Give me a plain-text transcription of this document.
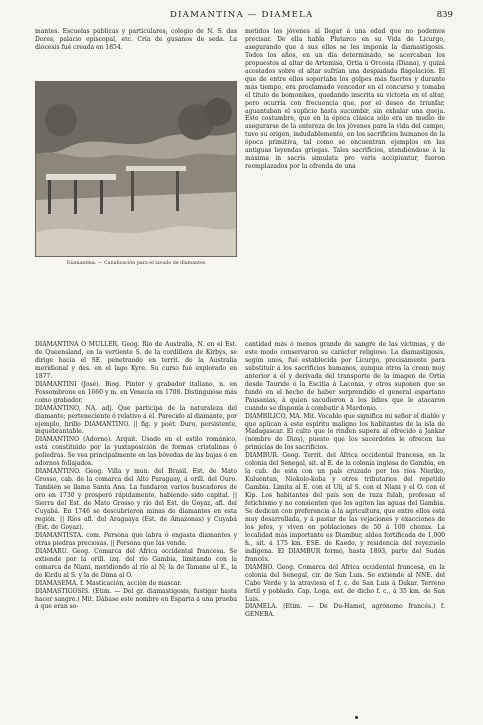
DIAMANTINA — DIAMELA	839

mantes. Escuelas públicas y particulares, colegio de N. S. das Dores, palacio episcopal, etc. Cría de gusanos de seda. La diócesis fué creada en 1854.

Diamantina. — Canalización para el lavado de diamantes

metidos los jóvenes al llegar á una edad que no podemos precisar. De ella habla Plutarco en su Vida de Licurgo, asegurando que á sus ellos se les imponía la diamastigosis. Todos los años, en un día determinado, se acercaban los propuestos al altar de Artemisa, Ortia ú Orcosia (Diana), y quizá acostados sobre el altar sufrían una despiadada flagelación. El que de entre ellos soportaba los golpes más fuertes y durante más tiempo, era proclamado vencedor en el concurso y tomaba el título de bomonikes, quedando inscrita su victoria en el altar, pero ocurría con frecuencia que, por el deseo de triunfar, aguantaban el suplicio hasta sucumbir, sin exhalar una queja. Este costumbre, que en la época clásica sólo era un medio de asegurarse de la entereza de los jóvenes para la vida del campo, tuvo su origen, indudablemente, en los sacrificios humanos de la época primitiva, tal como se encuentran ejemplos en las antiguas leyendas griegas. Tales sacrificios, atendiéndose á la máxima in sacris simulata pro veris accipiuntur, fueron reemplazados por la ofrenda de una

DIAMANTINA Ó MÜLLER. Geog. Río de Australia, N. en el Est. de Queensland, en la vertiente S. de la cordillera de Kirbys, se dirige hacia el SE. penetrando en territ. de la Australia meridional y des. en el lago Kyre. Su curso fué explorado en 1877.

DIAMANTINI (José). Biog. Pintor y grabador italiano, n. en Fossombrone en 1660 y m. en Venecia en 1708. Distinguióse más como grabador.

DIAMANTINO, NA. adj. Que participa de la naturaleza del diamante; perteneciente ó relativo á él. Parecido al diamante, por ejemplo, brillo DIAMANTINO. || fig. y poét. Duro, persistente, inquebrantable.

DIAMANTINO (Adorno). Arquit. Usado en el estilo románico, está constituído por la yuxtaposición de formas cristalinas ó poliedras. Se vea principalmente en las bóvedas de las bajas ó en adornos follajados.

DIAMANTINO. Geog. Villa y mun. del Brasil. Est. de Mato Grosso, cab. de la comarca del Alto Paraguay, á orill. del Ouro. También se llama Santa Ana. La fundaron varios buscadores de oro en 1730 y prosperó rápidamente, habiendo sido capital. || Sierra del Est. de Mato Grosso y río del Est. de Goyaz, afl. del Cuyabá. En 1746 se descubrieron minas de diamantes en esta región. || Ríos afl. del Araguaya (Est. de Amazonas) y Cuyabá (Est. de Goyaz).

DIAMANTISTA. com. Persona que labra ó engasta diamantes y otras piedras preciosas. || Persona que las vende.

DIAMARU. Geog. Comarca del Africa occidental francesa. Se extiende por la orill. izq. del río Gambia, limitando con la comarca de Niani, meridiondo al río al N; la de Tamane al E., la de Kirdu al S. y la de Dima al O.

DIAMASEMA. f. Masticación, acción de mascar.

DIAMASTIGOSIS. (Etim. — Del gr. diamastigosis, fustigar hasta hacer sangre.) Mit. Dábase este nombre en Esparta á una prueba á que eran so-

cantidad más ó menos grande de sangre de las víctimas, y de este modo conservaron su carácter religioso. La diamastigosis, según unos, fué establecida por Licurgo, precisamente para substituir á los sacrificios humanos, aunque otros la creen muy anterior á él y derivada del transporte de la imagen de Ortia desde Tauride ó la Escitia á Laconia, y otros suponen que se fundó en el hecho de haber sorprendido el general espartano Pausanias, á quien sacudieron á los lidios que le atacaron cuando se disponía á combatir á Mardonio.

DIAMBILICO, MA. Mit. Vocablo que significa mi señor el diablo y que aplican á este espíritu maligno los habitantes de la isla de Madagascar. El culto que le rinden supera al ofrecido á Jankar (nombre de Dios), puesto que los sacerdotes le ofrecen las primicias de los sacrificios.

DIAMBUR. Geog. Territ. del Africa occidental francesa, en la colonia del Senegal, sit. al E. de la colonia inglesa de Gambia, en la cab. de esta con un país cruzado por los ríos Nieriko, Kuluontun, Niokolo-koba y otros tributarios del repetido Gambia. Limita al E. con el Uli, al S. con el Niani y el O. con el Kip. Los habitantes del país son de raza fulah, profesan el fetichismo y no consienten que los agiten las aguas del Gambia. Se dedican con preferencia á la agricultura, que entre ellos está muy desarrollada, y á pastar de las vejaciones y exacciones de los jefes, y viven en poblaciones de 50 á 100 chozas. La localidad más importante es Diambur, aldea fortificada de 1,000 h., sit. á 175 km. ESE. de Kaedo, y residencia del reyezuelo indígena. El DIAMBUR formó, hasta 1893, parte del Sudán francés.

DIAMBO. Geog. Comarca del Africa occidental francesa, en la colonia del Senegal, cir. de San Luis. Se extiende al NNE. del Cabo Verde y la atraviesa el f. c. de San Luis á Dakar. Terreno fértil y poblado. Cap. Loga, est. de dicho f. c., á 35 km. de San Luis.

DIAMELA. (Etim. — De Du-Hamel, agrónomo francés.) f. GENEBA.
